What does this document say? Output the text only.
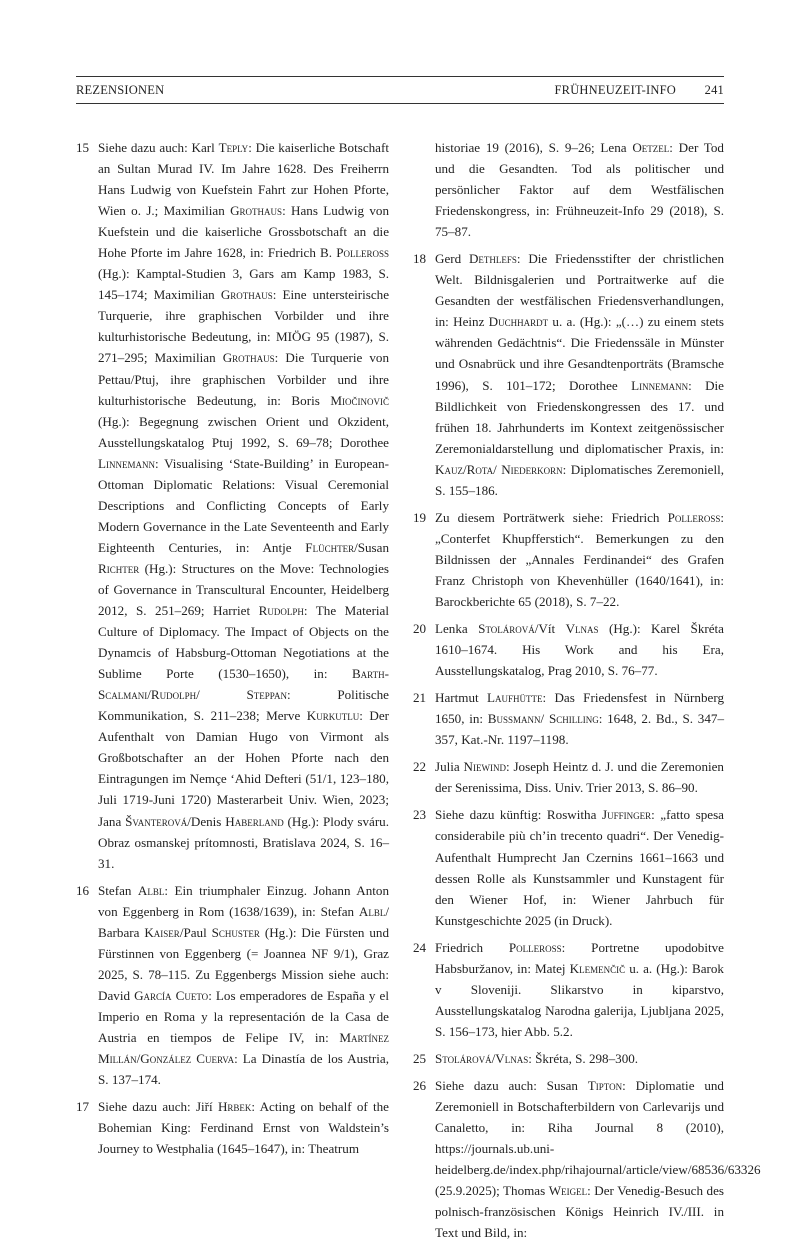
REZENSIONEN	FRÜHNEUZEIT-INFO 241
15 Siehe dazu auch: Karl Teply: Die kaiserliche Botschaft an Sultan Murad IV. Im Jahre 1628. Des Freiherrn Hans Ludwig von Kuefstein Fahrt zur Hohen Pforte, Wien o. J.; Maximilian Grothaus: Hans Ludwig von Kuefstein und die kaiserliche Grossbotschaft an die Hohe Pforte im Jahre 1628, in: Friedrich B. Polleross (Hg.): Kamptal-Studien 3, Gars am Kamp 1983, S. 145–174; Maximilian Grothaus: Eine untersteirische Turquerie, ihre graphischen Vorbilder und ihre kulturhistorische Bedeutung, in: MIÖG 95 (1987), S. 271–295; Maximilian Grothaus: Die Turquerie von Pettau/Ptuj, ihre graphischen Vorbilder und ihre kulturhistorische Bedeutung, in: Boris Miočinovič (Hg.): Begegnung zwischen Orient und Okzident, Ausstellungskatalog Ptuj 1992, S. 69–78; Dorothee Linnemann: Visualising ‘State-Building’ in European- Ottoman Diplomatic Relations: Visual Ceremonial Descriptions and Conflicting Concepts of Early Modern Governance in the Late Seventeenth and Early Eighteenth Centuries, in: Antje Flüchter/Susan Richter (Hg.): Structures on the Move: Technologies of Governance in Transcultural Encounter, Heidelberg 2012, S. 251–269; Harriet Rudolph: The Material Culture of Diplomacy. The Impact of Objects on the Dynamcis of Habsburg-Ottoman Negotiations at the Sublime Porte (1530–1650), in: Barth-Scalmani/Rudolph/ Steppan: Politische Kommunikation, S. 211–238; Merve Kurkutlu: Der Aufenthalt von Damian Hugo von Virmont als Großbotschafter an der Hohen Pforte nach den Eintragungen im Nemçe ‘Ahid Defteri (51/1, 123–180, Juli 1719-Juni 1720) Masterarbeit Univ. Wien, 2023; Jana Švanterová/Denis Haberland (Hg.): Plody sváru. Obraz osmanskej prítomnosti, Bratislava 2024, S. 16–31.
16 Stefan Albl: Ein triumphaler Einzug. Johann Anton von Eggenberg in Rom (1638/1639), in: Stefan Albl/ Barbara Kaiser/Paul Schuster (Hg.): Die Fürsten und Fürstinnen von Eggenberg (= Joannea NF 9/1), Graz 2025, S. 78–115. Zu Eggenbergs Mission siehe auch: David García Cueto: Los emperadores de España y el Imperio en Roma y la representación de la Casa de Austria en tiempos de Felipe IV, in: Martínez Millán/González Cuerva: La Dinastía de los Austria, S. 137–174.
17 Siehe dazu auch: Jiří Hrbek: Acting on behalf of the Bohemian King: Ferdinand Ernst von Waldstein’s Journey to Westphalia (1645–1647), in: Theatrum
historiae 19 (2016), S. 9–26; Lena Oetzel: Der Tod und die Gesandten. Tod als politischer und persönlicher Faktor auf dem Westfälischen Friedenskongress, in: Frühneuzeit-Info 29 (2018), S. 75–87.
18 Gerd Dethlefs: Die Friedensstifter der christlichen Welt. Bildnisgalerien und Portraitwerke auf die Gesandten der westfälischen Friedensverhandlungen, in: Heinz Duchhardt u. a. (Hg.): „(…) zu einem stets währenden Gedächtnis“. Die Friedenssäle in Münster und Osnabrück und ihre Gesandtenporträts (Bramsche 1996), S. 101–172; Dorothee Linnemann: Die Bildlichkeit von Friedenskongressen des 17. und frühen 18. Jahrhunderts im Kontext zeitgenössischer Zeremonialdarstellung und diplomatischer Praxis, in: Kauz/Rota/ Niederkorn: Diplomatisches Zeremoniell, S. 155–186.
19 Zu diesem Porträtwerk siehe: Friedrich Polleross: „Conterfet Khupfferstich“. Bemerkungen zu den Bildnissen der „Annales Ferdinandei“ des Grafen Franz Christoph von Khevenhüller (1640/1641), in: Barockberichte 65 (2018), S. 7–22.
20 Lenka Stolárová/Vít Vlnas (Hg.): Karel Škréta 1610–1674. His Work and his Era, Ausstellungskatalog, Prag 2010, S. 76–77.
21 Hartmut Laufhütte: Das Friedensfest in Nürnberg 1650, in: Bussmann/ Schilling: 1648, 2. Bd., S. 347–357, Kat.-Nr. 1197–1198.
22 Julia Niewind: Joseph Heintz d. J. und die Zeremonien der Serenissima, Diss. Univ. Trier 2013, S. 86–90.
23 Siehe dazu künftig: Roswitha Juffinger: „fatto spesa considerabile più ch’in trecento quadri“. Der Venedig-Aufenthalt Humprecht Jan Czernins 1661–1663 und dessen Rolle als Kunstsammler und Kunstagent für den Wiener Hof, in: Wiener Jahrbuch für Kunstgeschichte 2025 (in Druck).
24 Friedrich Polleross: Portretne upodobitve Habsburžanov, in: Matej Klemenčič u. a. (Hg.): Barok v Sloveniji. Slikarstvo in kiparstvo, Ausstellungskatalog Narodna galerija, Ljubljana 2025, S. 156–173, hier Abb. 5.2.
25 Stolárová/Vlnas: Škréta, S. 298–300.
26 Siehe dazu auch: Susan Tipton: Diplomatie und Zeremoniell in Botschafterbildern von Carlevarijs und Canaletto, in: Riha Journal 8 (2010), https://journals.ub.uni-heidelberg.de/index.php/rihajournal/article/view/68536/63326 (25.9.2025); Thomas Weigel: Der Venedig-Besuch des polnisch-französischen Königs Heinrich IV./III. in Text und Bild, in:
